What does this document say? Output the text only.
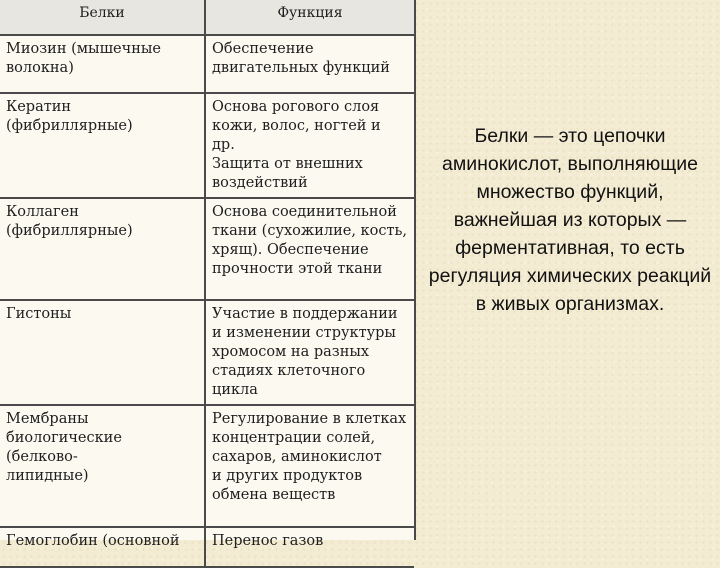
Белки	Функция

Миозин (мышечные
волокна)	Обеспечение
двигательных функций

Кератин
(фибриллярные)	Основа рогового слоя
кожи, волос, ногтей и др.
Защита от внешних
воздействий

Коллаген
(фибриллярные)	Основа соединительной
ткани (сухожилие, кость,
хрящ). Обеспечение
прочности этой ткани

Гистоны	Участие в поддержании
и изменении структуры
хромосом на разных
стадиях клеточного цикла

Мембраны
биологические (белково-
липидные)	Регулирование в клетках
концентрации солей,
сахаров, аминокислот
и других продуктов
обмена веществ

Гемоглобин (основной	Перенос газов
Белки — это цепочки аминокислот, выполняющие множество функций, важнейшая из которых — ферментативная, то есть регуляция химических реакций в живых организмах.
